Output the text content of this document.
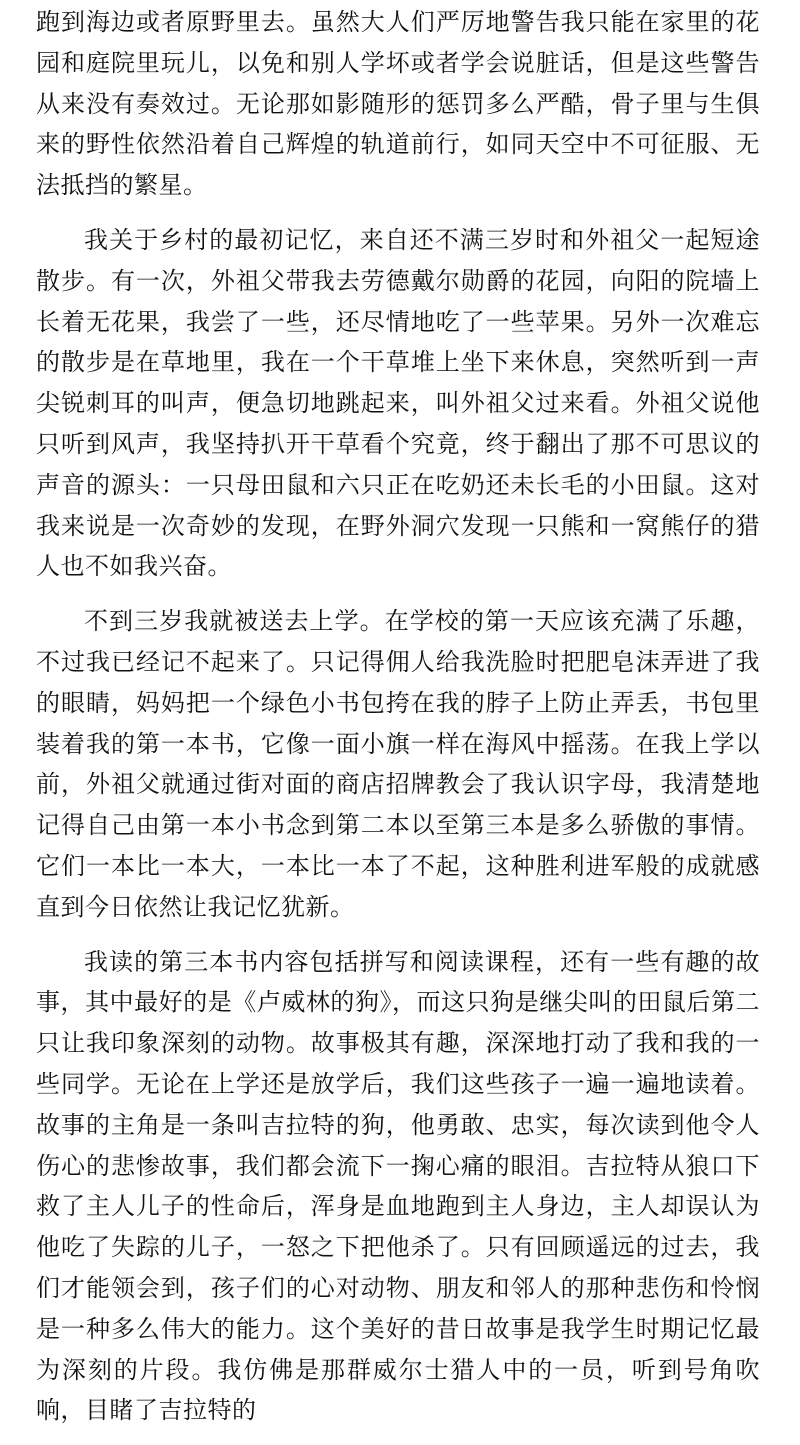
跑到海边或者原野里去。虽然大人们严厉地警告我只能在家里的花园和庭院里玩儿，以免和别人学坏或者学会说脏话，但是这些警告从来没有奏效过。无论那如影随形的惩罚多么严酷，骨子里与生俱来的野性依然沿着自己辉煌的轨道前行，如同天空中不可征服、无法抵挡的繁星。

我关于乡村的最初记忆，来自还不满三岁时和外祖父一起短途散步。有一次，外祖父带我去劳德戴尔勋爵的花园，向阳的院墙上长着无花果，我尝了一些，还尽情地吃了一些苹果。另外一次难忘的散步是在草地里，我在一个干草堆上坐下来休息，突然听到一声尖锐刺耳的叫声，便急切地跳起来，叫外祖父过来看。外祖父说他只听到风声，我坚持扒开干草看个究竟，终于翻出了那不可思议的声音的源头：一只母田鼠和六只正在吃奶还未长毛的小田鼠。这对我来说是一次奇妙的发现，在野外洞穴发现一只熊和一窝熊仔的猎人也不如我兴奋。

不到三岁我就被送去上学。在学校的第一天应该充满了乐趣，不过我已经记不起来了。只记得佣人给我洗脸时把肥皂沫弄进了我的眼睛，妈妈把一个绿色小书包挎在我的脖子上防止弄丢，书包里装着我的第一本书，它像一面小旗一样在海风中摇荡。在我上学以前，外祖父就通过街对面的商店招牌教会了我认识字母，我清楚地记得自己由第一本小书念到第二本以至第三本是多么骄傲的事情。它们一本比一本大，一本比一本了不起，这种胜利进军般的成就感直到今日依然让我记忆犹新。

我读的第三本书内容包括拼写和阅读课程，还有一些有趣的故事，其中最好的是《卢威林的狗》，而这只狗是继尖叫的田鼠后第二只让我印象深刻的动物。故事极其有趣，深深地打动了我和我的一些同学。无论在上学还是放学后，我们这些孩子一遍一遍地读着。故事的主角是一条叫吉拉特的狗，他勇敢、忠实，每次读到他令人伤心的悲惨故事，我们都会流下一掬心痛的眼泪。吉拉特从狼口下救了主人儿子的性命后，浑身是血地跑到主人身边，主人却误认为他吃了失踪的儿子，一怒之下把他杀了。只有回顾遥远的过去，我们才能领会到，孩子们的心对动物、朋友和邻人的那种悲伤和怜悯是一种多么伟大的能力。这个美好的昔日故事是我学生时期记忆最为深刻的片段。我仿佛是那群威尔士猎人中的一员，听到号角吹响，目睹了吉拉特的
